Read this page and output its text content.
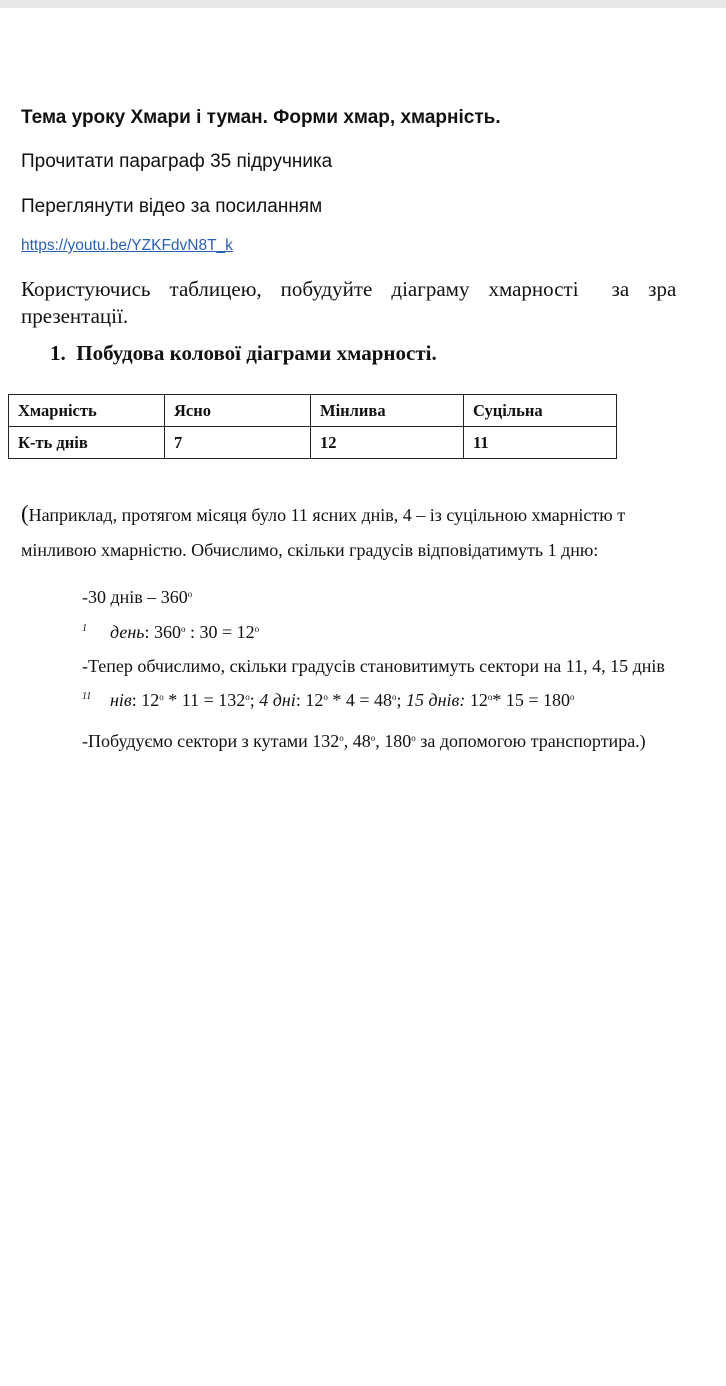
Тема уроку Хмари і туман. Форми хмар, хмарність.
Прочитати параграф 35 підручника
Переглянути відео за посиланням
https://youtu.be/YZKFdvN8T_k
Користуючись таблицею, побудуйте діаграму хмарності за зра
презентації.
1. Побудова колової діаграми хмарності.
Хмарність	Ясно	Мінлива	Суцільна
К-ть днів	7	12	11
(Наприклад, протягом місяця було 11 ясних днів, 4 – із суцільною хмарністю т
мінливою хмарністю. Обчислимо, скільки градусів відповідатимуть 1 дню:
-30 днів – $360^о$
1 день: $360^о$ : $30 = 12^о$
-Тепер обчислимо, скільки градусів становитимуть сектори на 11, 4, 15 днів
11 нів: $12^о * 11 = 132^о$; 4 дні: $12^о * 4 = 48^о$; 15 днів: $12^о*$ $15 = 180^о$
-Побудуємо сектори з кутами $132^о$, $48^о$, $180^о$ за допомогою транспортира.)
